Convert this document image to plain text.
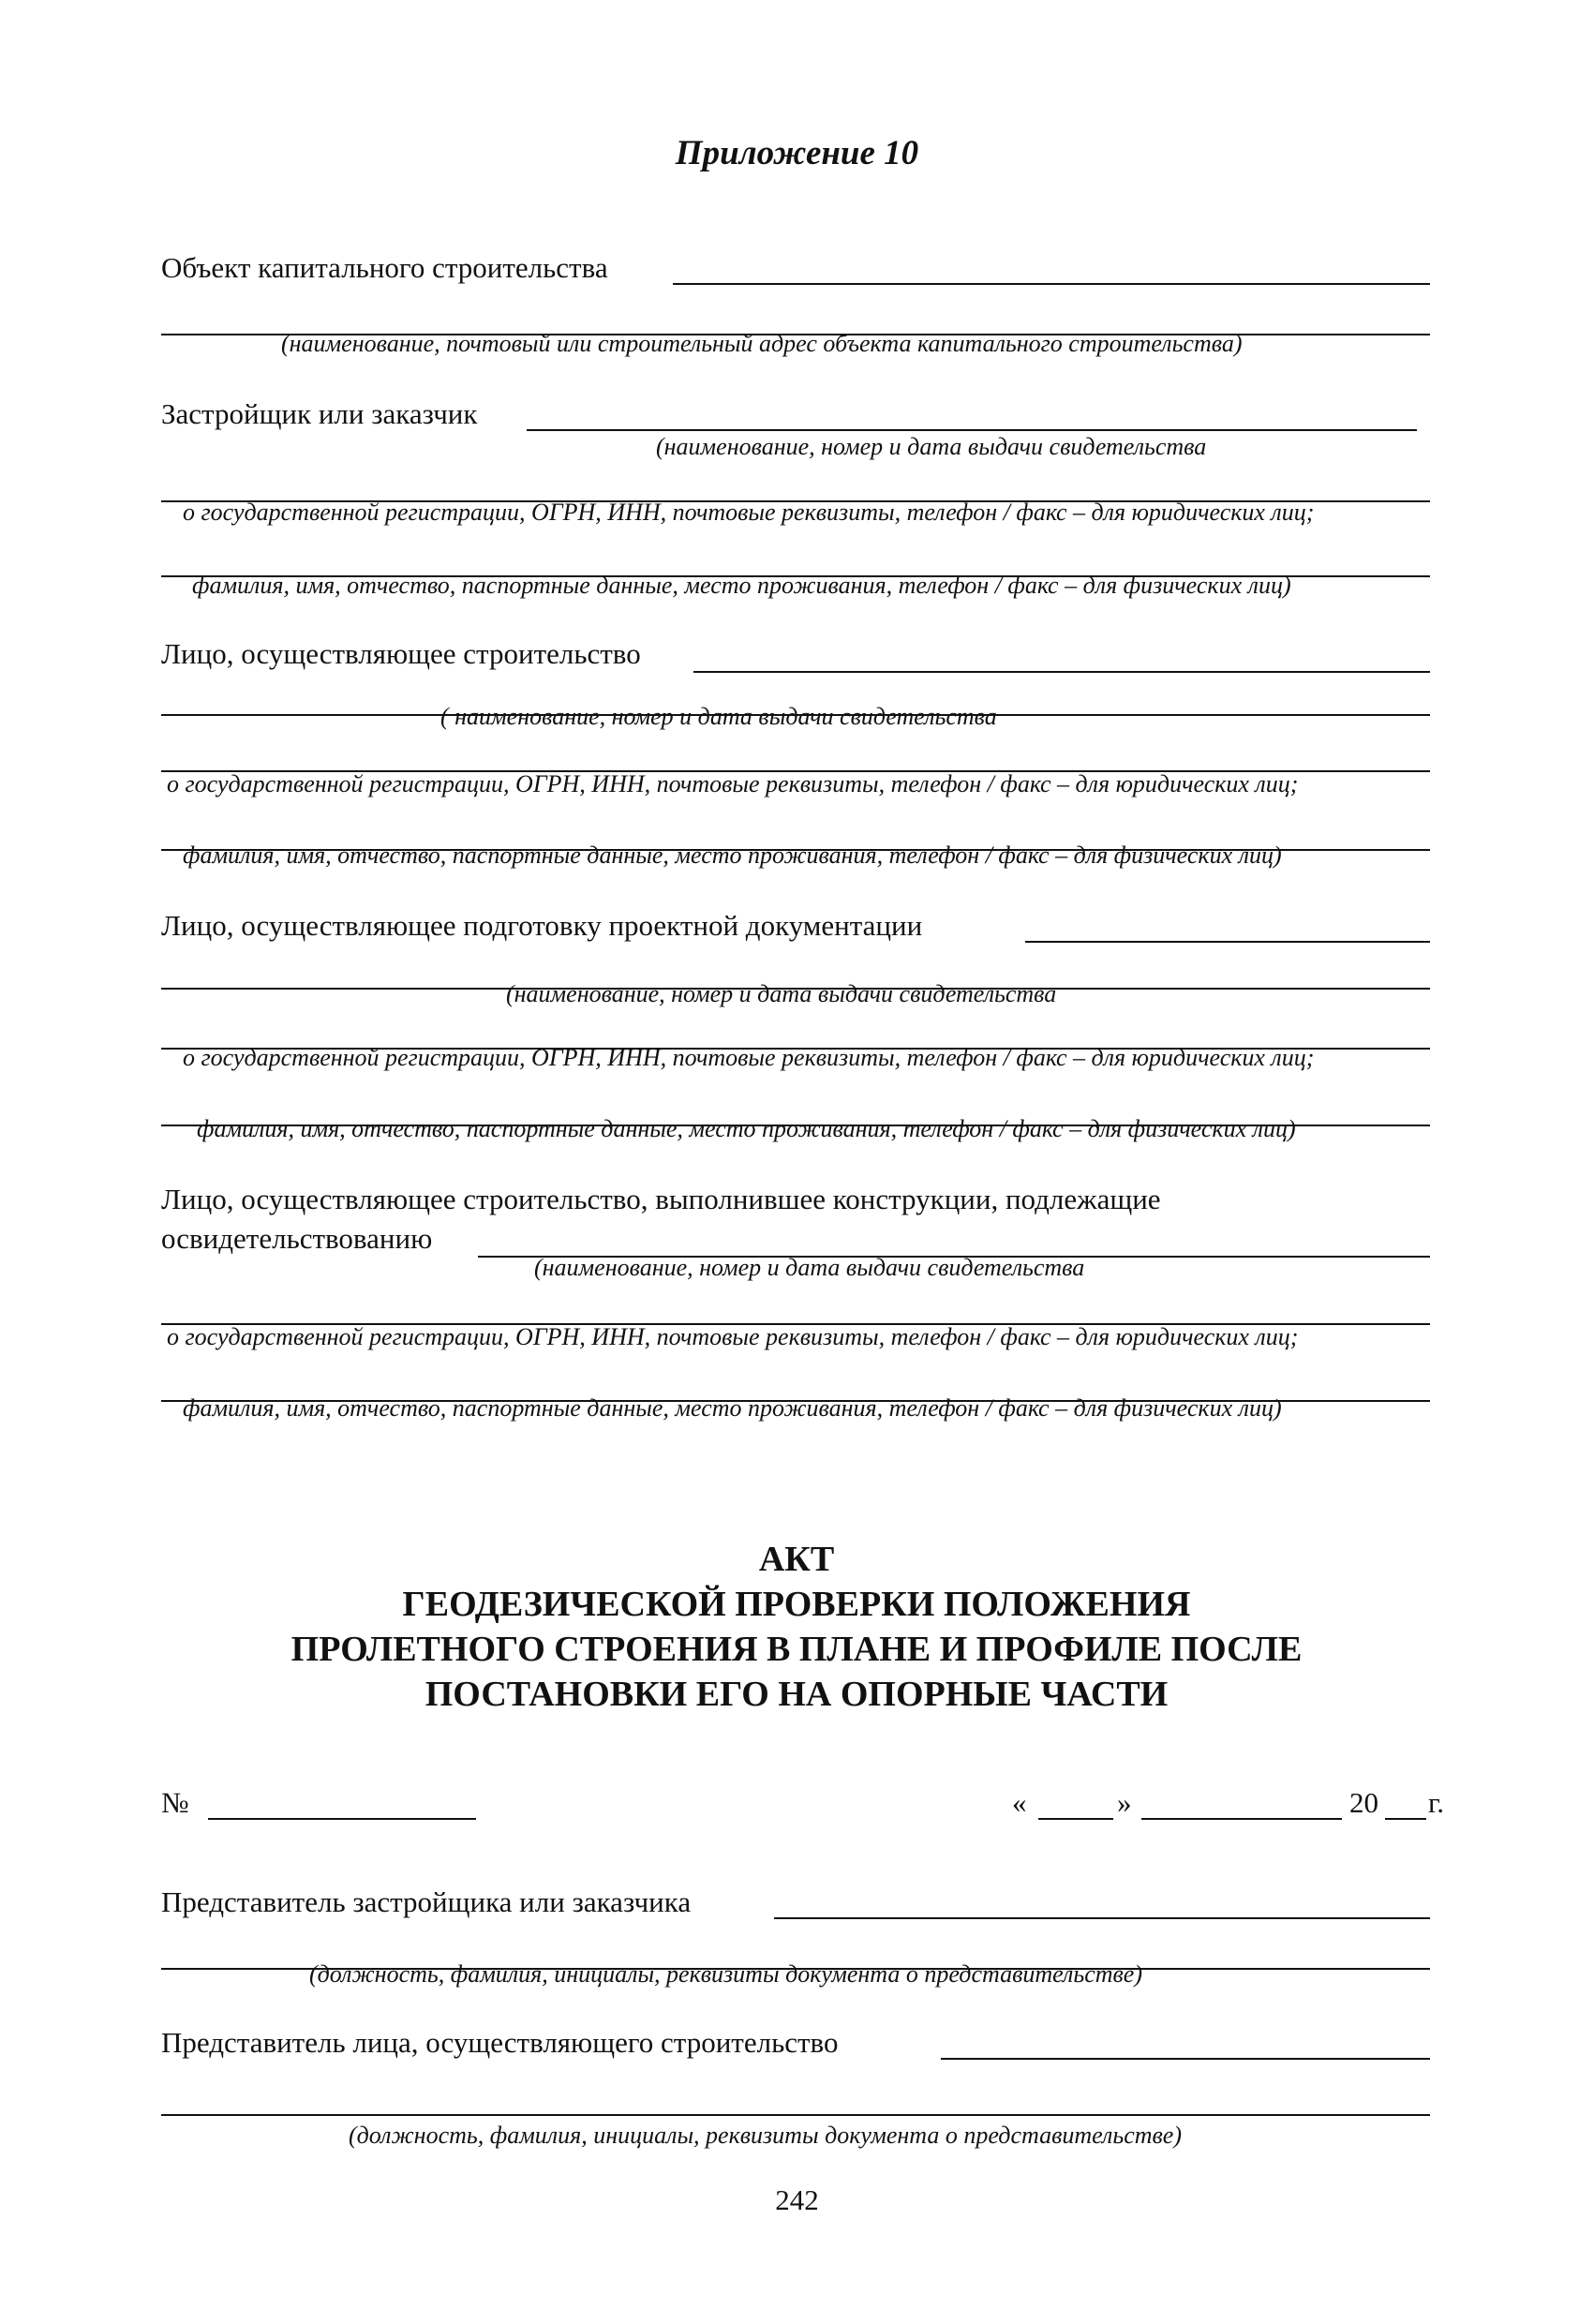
Приложение 10
Объект капитального строительства
(наименование, почтовый или строительный адрес объекта капитального строительства)
Застройщик или заказчик
(наименование, номер и дата выдачи свидетельства
о государственной регистрации, ОГРН, ИНН, почтовые реквизиты, телефон / факс – для юридических лиц;
фамилия, имя, отчество, паспортные данные, место проживания, телефон / факс – для физических лиц)
Лицо, осуществляющее строительство
( наименование, номер и дата выдачи свидетельства
о государственной регистрации, ОГРН, ИНН, почтовые реквизиты, телефон / факс – для юридических лиц;
фамилия, имя, отчество, паспортные данные, место проживания, телефон / факс – для физических лиц)
Лицо, осуществляющее подготовку проектной документации
(наименование, номер и дата выдачи свидетельства
о государственной регистрации, ОГРН, ИНН, почтовые реквизиты, телефон / факс – для юридических лиц;
фамилия, имя, отчество, паспортные данные, место проживания, телефон / факс – для физических лиц)
Лицо, осуществляющее строительство, выполнившее конструкции, подлежащие
освидетельствованию
(наименование, номер и дата выдачи свидетельства
о государственной регистрации, ОГРН, ИНН, почтовые реквизиты, телефон / факс – для юридических лиц;
фамилия, имя, отчество, паспортные данные, место проживания, телефон / факс – для физических лиц)
АКТ
ГЕОДЕЗИЧЕСКОЙ ПРОВЕРКИ ПОЛОЖЕНИЯ
ПРОЛЕТНОГО СТРОЕНИЯ В ПЛАНЕ И ПРОФИЛЕ ПОСЛЕ
ПОСТАНОВКИ ЕГО НА ОПОРНЫЕ ЧАСТИ
№	«	»	20 г.
Представитель застройщика или заказчика
(должность, фамилия, инициалы, реквизиты документа о представительстве)
Представитель лица, осуществляющего строительство
(должность, фамилия, инициалы, реквизиты документа о представительстве)
242
